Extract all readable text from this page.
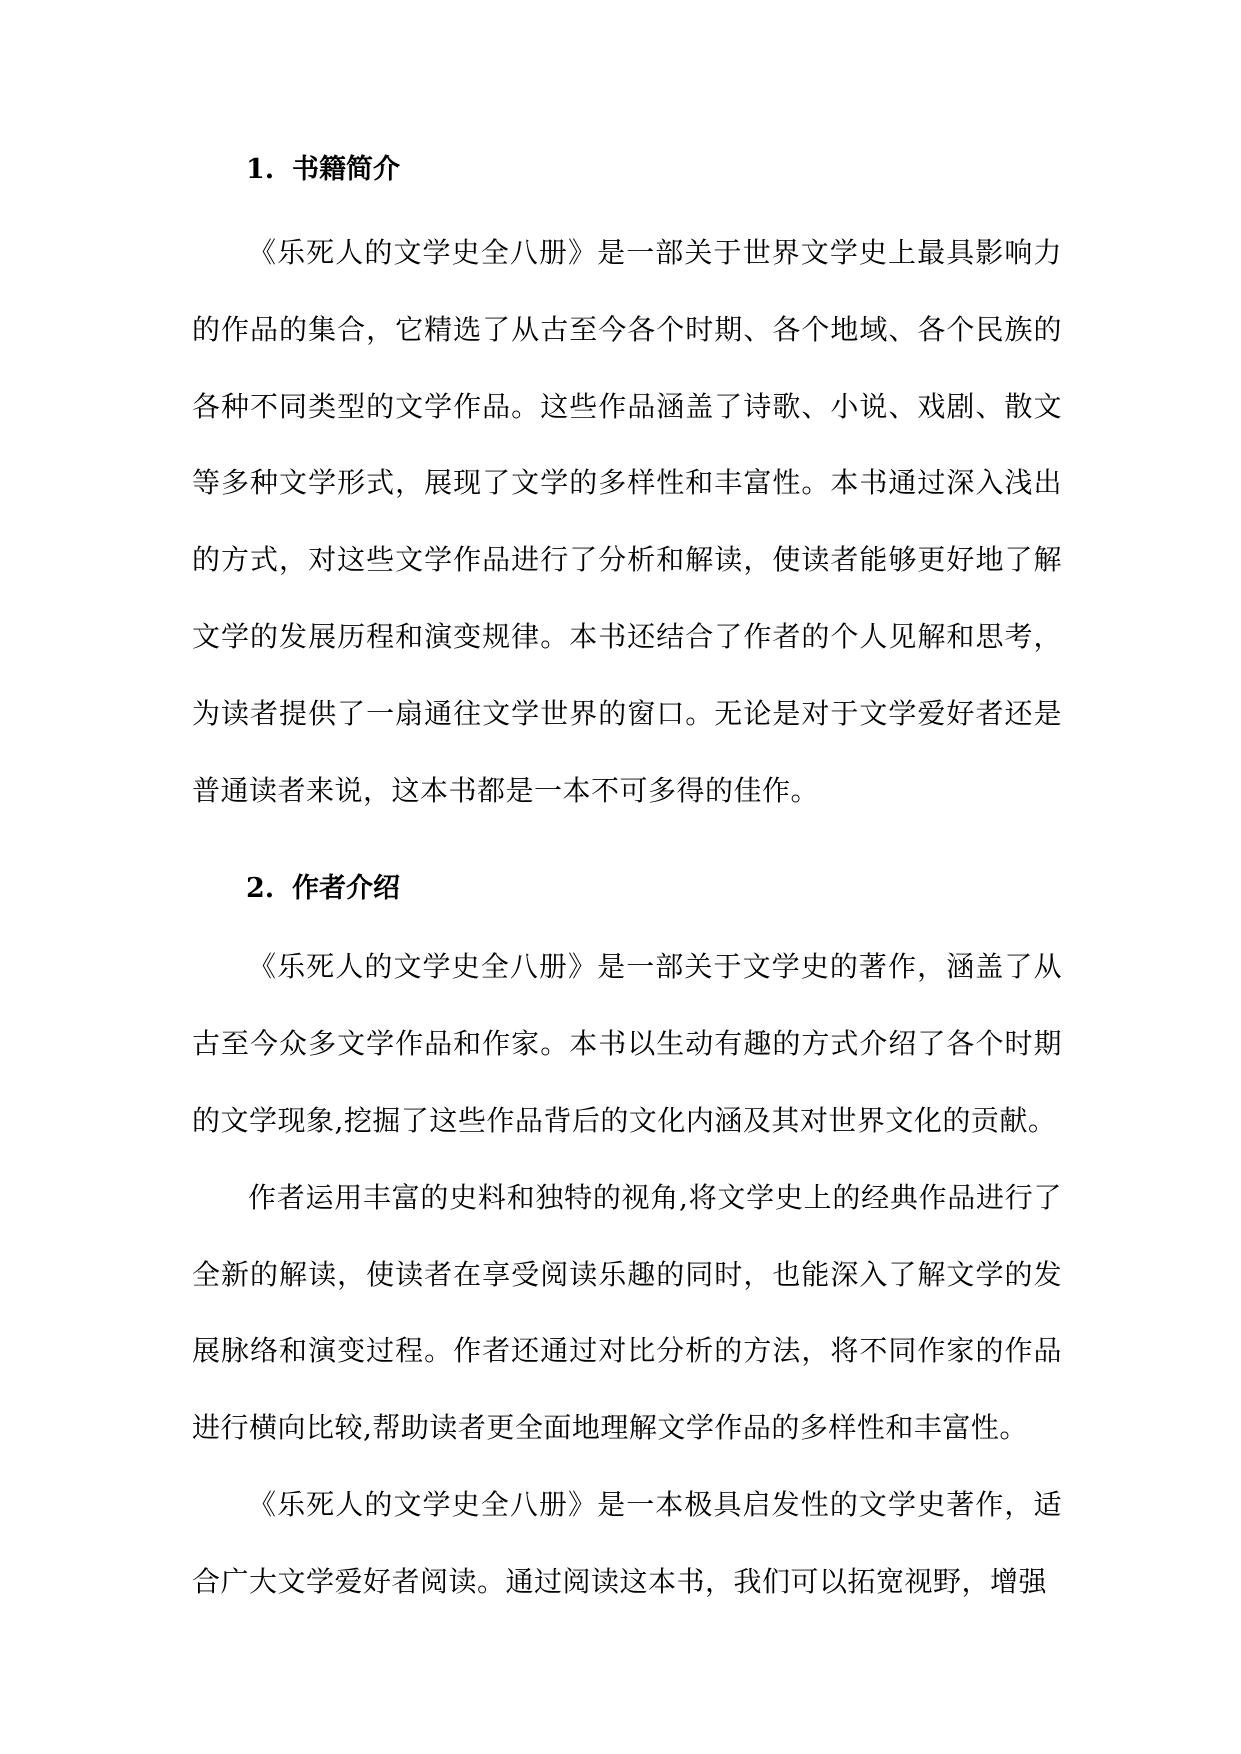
1. 书籍简介

《乐死人的文学史全八册》是一部关于世界文学史上最具影响力的作品的集合，它精选了从古至今各个时期、各个地域、各个民族的各种不同类型的文学作品。这些作品涵盖了诗歌、小说、戏剧、散文等多种文学形式，展现了文学的多样性和丰富性。本书通过深入浅出的方式，对这些文学作品进行了分析和解读，使读者能够更好地了解文学的发展历程和演变规律。本书还结合了作者的个人见解和思考，为读者提供了一扇通往文学世界的窗口。无论是对于文学爱好者还是普通读者来说，这本书都是一本不可多得的佳作。

2. 作者介绍

《乐死人的文学史全八册》是一部关于文学史的著作，涵盖了从古至今众多文学作品和作家。本书以生动有趣的方式介绍了各个时期的文学现象,挖掘了这些作品背后的文化内涵及其对世界文化的贡献。

作者运用丰富的史料和独特的视角,将文学史上的经典作品进行了全新的解读，使读者在享受阅读乐趣的同时，也能深入了解文学的发展脉络和演变过程。作者还通过对比分析的方法，将不同作家的作品进行横向比较,帮助读者更全面地理解文学作品的多样性和丰富性。

《乐死人的文学史全八册》是一本极具启发性的文学史著作，适合广大文学爱好者阅读。通过阅读这本书，我们可以拓宽视野，增强
